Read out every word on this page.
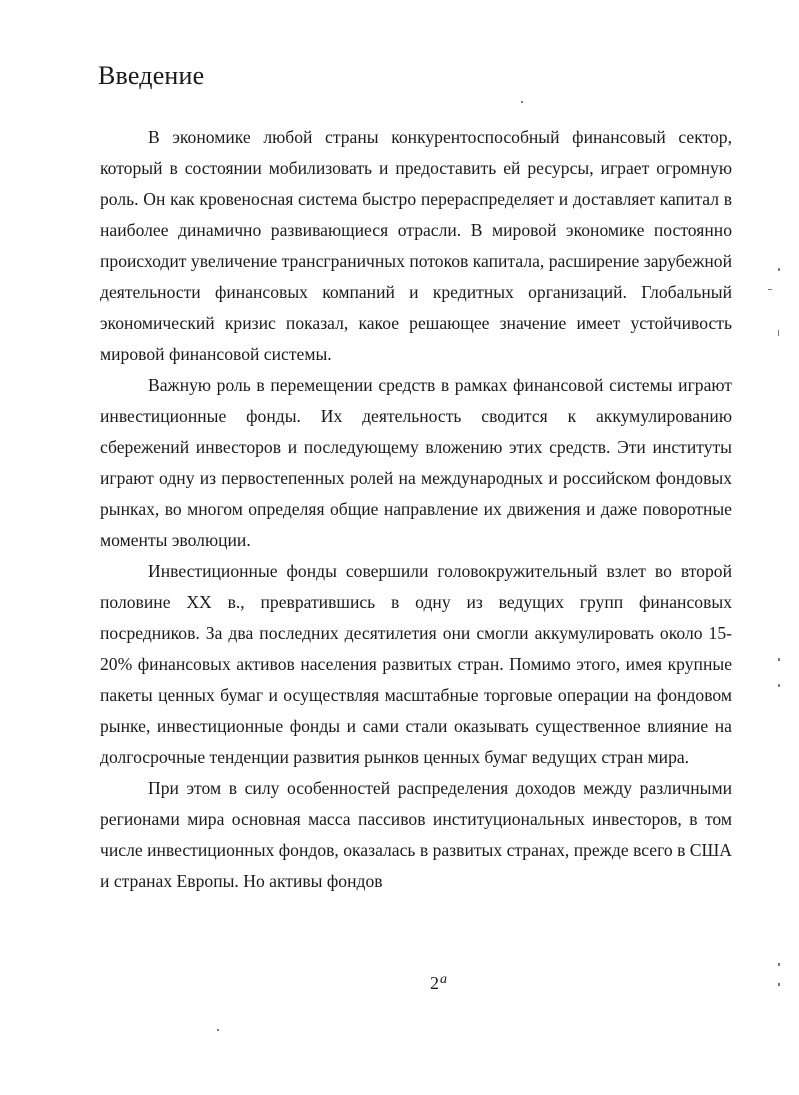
Введение

В экономике любой страны конкурентоспособный финансовый сектор, который в состоянии мобилизовать и предоставить ей ресурсы, играет огромную роль. Он как кровеносная система быстро перераспределяет и доставляет капитал в наиболее динамично развивающиеся отрасли. В мировой экономике постоянно происходит увеличение трансграничных потоков капитала, расширение зарубежной деятельности финансовых компаний и кредитных организаций. Глобальный экономический кризис показал, какое решающее значение имеет устойчивость мировой финансовой системы.

Важную роль в перемещении средств в рамках финансовой системы играют инвестиционные фонды. Их деятельность сводится к аккумулированию сбережений инвесторов и последующему вложению этих средств. Эти институты играют одну из первостепенных ролей на международных и российском фондовых рынках, во многом определяя общие направление их движения и даже поворотные моменты эволюции.

Инвестиционные фонды совершили головокружительный взлет во второй половине XX в., превратившись в одну из ведущих групп финансовых посредников. За два последних десятилетия они смогли аккумулировать около 15-20% финансовых активов населения развитых стран. Помимо этого, имея крупные пакеты ценных бумаг и осуществляя масштабные торговые операции на фондовом рынке, инвестиционные фонды и сами стали оказывать существенное влияние на долгосрочные тенденции развития рынков ценных бумаг ведущих стран мира.

При этом в силу особенностей распределения доходов между различными регионами мира основная масса пассивов институциональных инвесторов, в том числе инвестиционных фондов, оказалась в развитых странах, прежде всего в США и странах Европы. Но активы фондов

$2^а$
